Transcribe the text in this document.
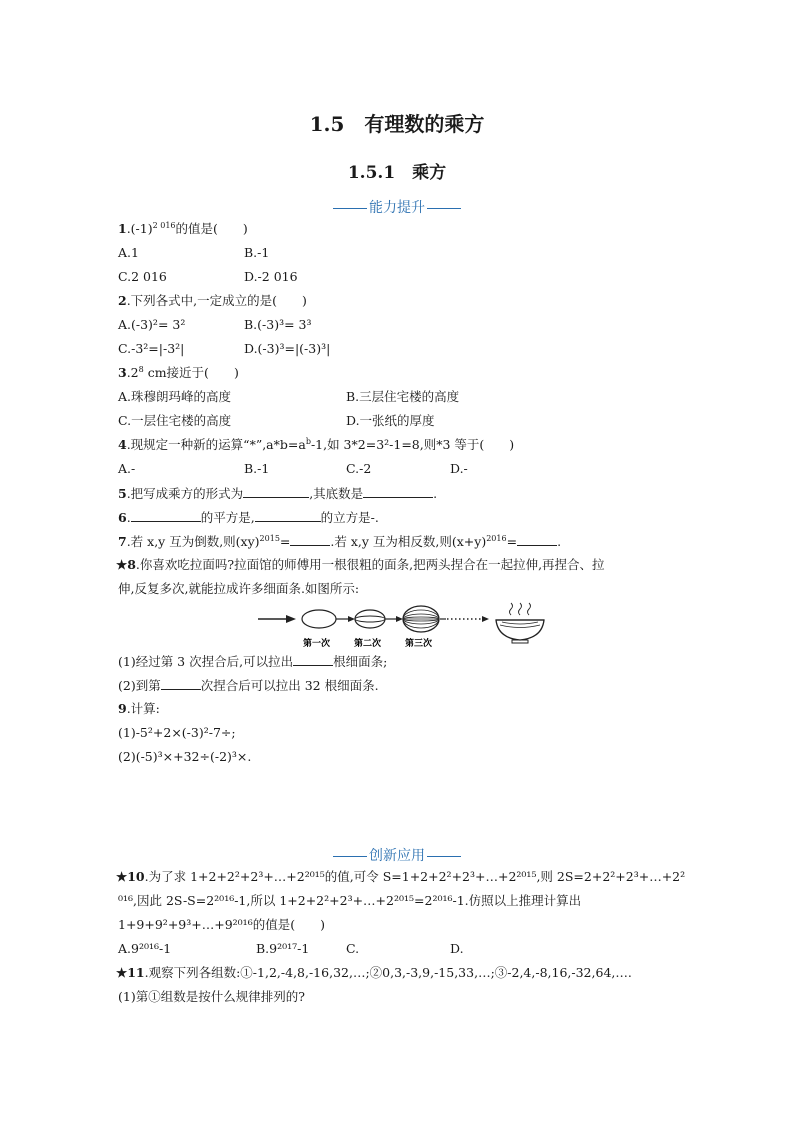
1.5　有理数的乘方
1.5.1　乘方
能力提升
$1.(-1)^{2 016}$的值是(　　)
A.1	B.-1
C.2 016	D.-2 016
2.下列各式中,一定成立的是(　　)
A.(-3)²= 3²	B.(-3)³= 3³
C.-3²=|-3²|	D.(-3)³=|(-3)³|
$3.2^8$ cm接近于(　　)
A.珠穆朗玛峰的高度	B.三层住宅楼的高度
C.一层住宅楼的高度	D.一张纸的厚度
4.现规定一种新的运算“$*”,a*b=a^b-1$,如 3*2=3²-1=8,则*3 等于(　　)
A.-	B.-1	C.-2	D.-
5.把写成乘方的形式为	,其底数是	.
6.	的平方是,	的立方是-.
7.若 x,y 互为倒数,则(xy)$^{2015}$=	.若 x,y 互为相反数,则$(x+y)^{2016}=$	.
★8.你喜欢吃拉面吗?拉面馆的师傅用一根很粗的面条,把两头捏合在一起拉伸,再捏合、拉
伸,反复多次,就能拉成许多细面条.如图所示:
第一次	第二次	第三次
(1)经过第 3 次捏合后,可以拉出	根细面条;
(2)到第	次捏合后可以拉出 32 根细面条.
9.计算:
(1)-5²+2×(-3)²-7÷;
(2)(-5)³×+32÷(-2)³×.
创新应用
★10.为了求 1+2+2²+2³+…+2²⁰¹⁵的值,可令 S=1+2+2²+2³+…+2²⁰¹⁵,则 2S=2+2²+2³+…+2²
⁰¹⁶,因此 2S-S=2²⁰¹⁶-1,所以 1+2+2²+2³+…+2²⁰¹⁵=2²⁰¹⁶-1.仿照以上推理计算出
1+9+9²+9³+…+9²⁰¹⁶的值是(　　)
A.9²⁰¹⁶-1	B.9²⁰¹⁷-1	C.	D.
★11.观察下列各组数:①-1,2,-4,8,-16,32,…;②0,3,-3,9,-15,33,…;③-2,4,-8,16,-32,64,….
(1)第①组数是按什么规律排列的?
